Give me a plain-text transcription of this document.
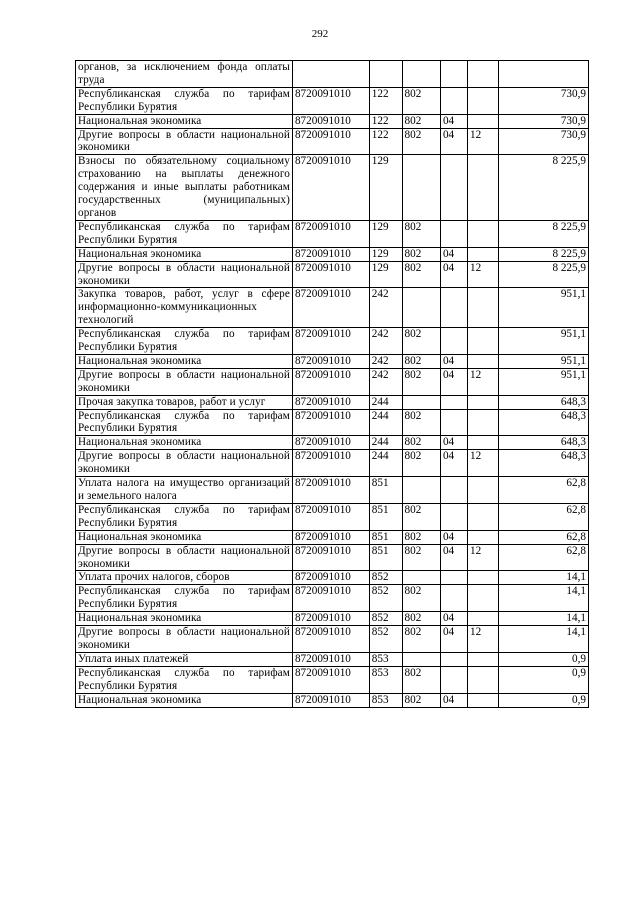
292
органов, за исключением фонда оплаты труда						
Республиканская служба по тарифам Республики Бурятия	8720091010	122	802			730,9
Национальная экономика	8720091010	122	802	04		730,9
Другие вопросы в области национальной экономики	8720091010	122	802	04	12	730,9
Взносы по обязательному социальному страхованию на выплаты денежного содержания и иные выплаты работникам государственных (муниципальных) органов	8720091010	129				8 225,9
Республиканская служба по тарифам Республики Бурятия	8720091010	129	802			8 225,9
Национальная экономика	8720091010	129	802	04		8 225,9
Другие вопросы в области национальной экономики	8720091010	129	802	04	12	8 225,9
Закупка товаров, работ, услуг в сфере информационно-коммуникационных технологий	8720091010	242				951,1
Республиканская служба по тарифам Республики Бурятия	8720091010	242	802			951,1
Национальная экономика	8720091010	242	802	04		951,1
Другие вопросы в области национальной экономики	8720091010	242	802	04	12	951,1
Прочая закупка товаров, работ и услуг	8720091010	244				648,3
Республиканская служба по тарифам Республики Бурятия	8720091010	244	802			648,3
Национальная экономика	8720091010	244	802	04		648,3
Другие вопросы в области национальной экономики	8720091010	244	802	04	12	648,3
Уплата налога на имущество организаций и земельного налога	8720091010	851				62,8
Республиканская служба по тарифам Республики Бурятия	8720091010	851	802			62,8
Национальная экономика	8720091010	851	802	04		62,8
Другие вопросы в области национальной экономики	8720091010	851	802	04	12	62,8
Уплата прочих налогов, сборов	8720091010	852				14,1
Республиканская служба по тарифам Республики Бурятия	8720091010	852	802			14,1
Национальная экономика	8720091010	852	802	04		14,1
Другие вопросы в области национальной экономики	8720091010	852	802	04	12	14,1
Уплата иных платежей	8720091010	853				0,9
Республиканская служба по тарифам Республики Бурятия	8720091010	853	802			0,9
Национальная экономика	8720091010	853	802	04		0,9
